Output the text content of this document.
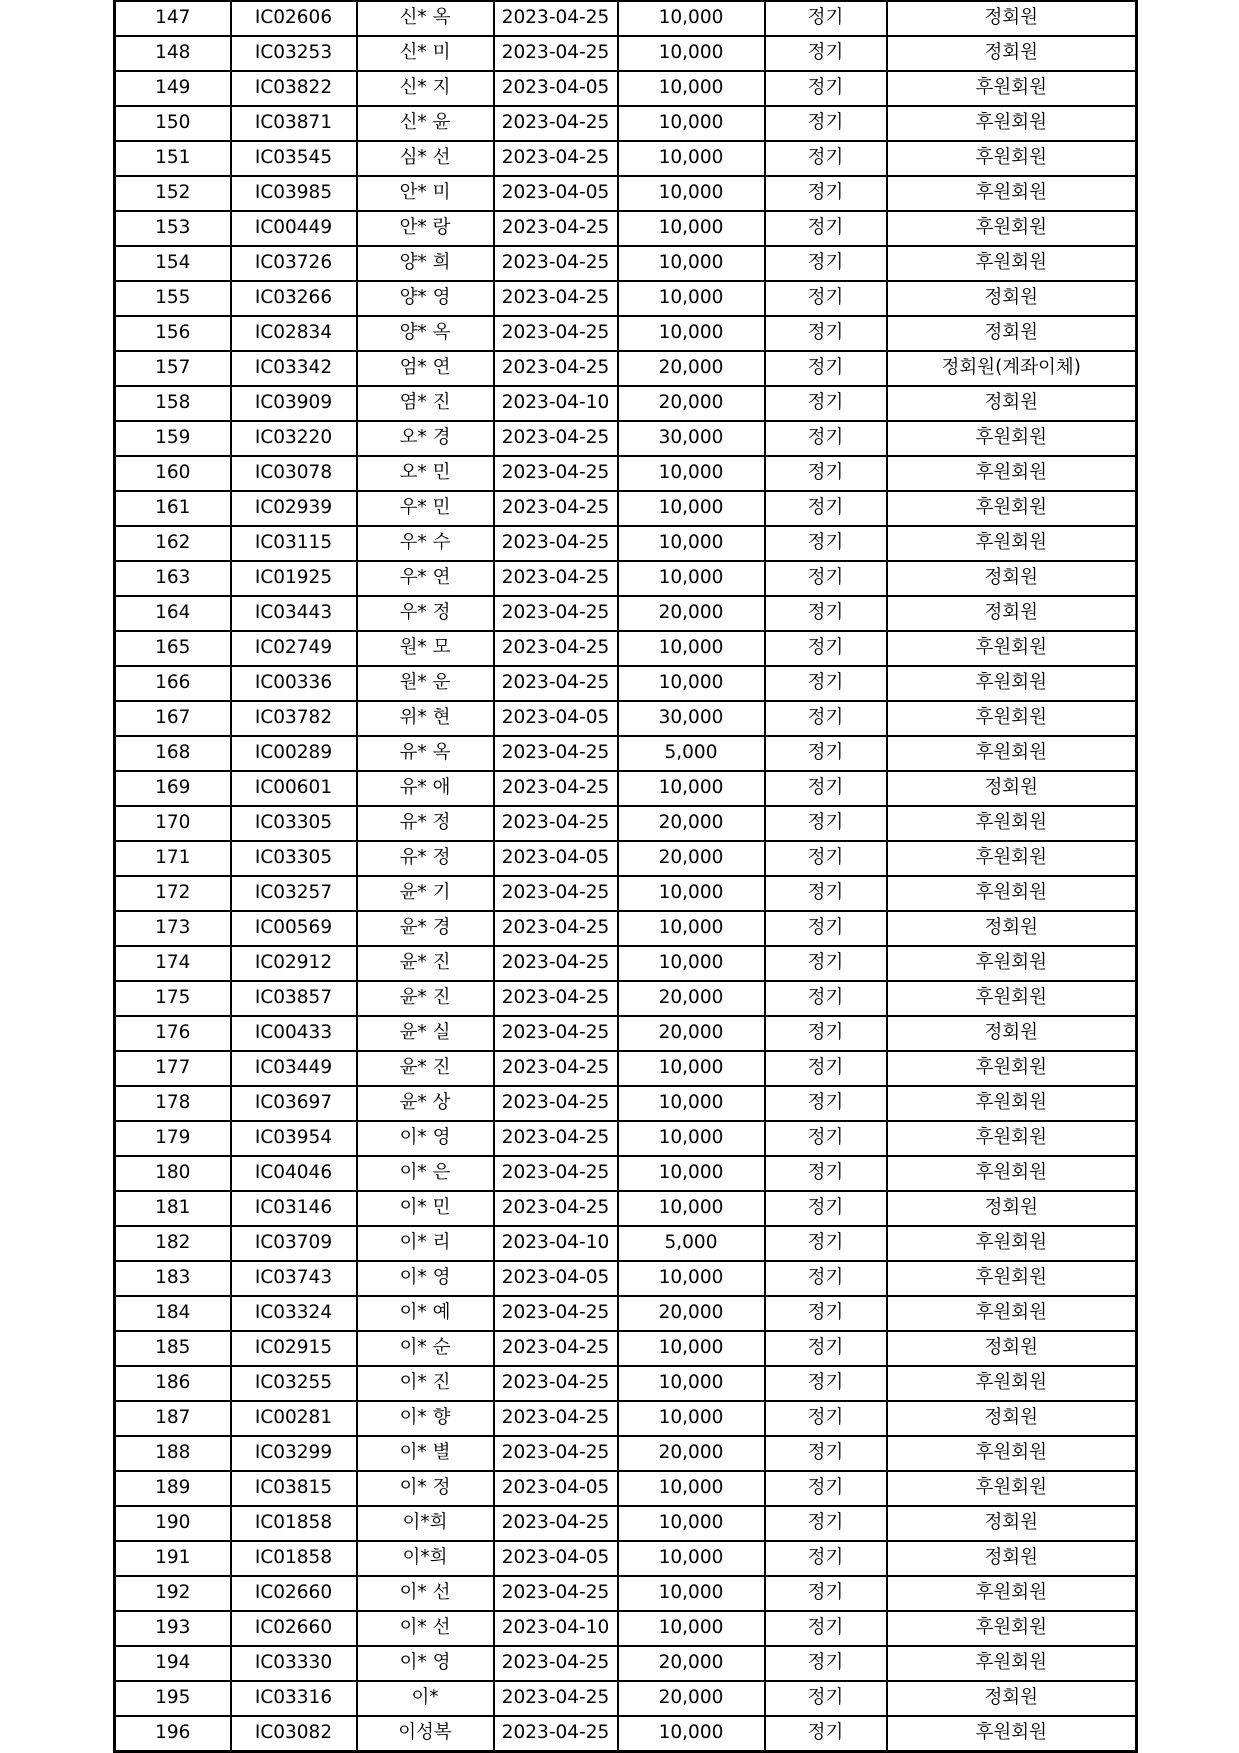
147	IC02606	신* 옥	2023-04-25	10,000	정기	정회원
148	IC03253	신* 미	2023-04-25	10,000	정기	정회원
149	IC03822	신* 지	2023-04-05	10,000	정기	후원회원
150	IC03871	신* 윤	2023-04-25	10,000	정기	후원회원
151	IC03545	심* 선	2023-04-25	10,000	정기	후원회원
152	IC03985	안* 미	2023-04-05	10,000	정기	후원회원
153	IC00449	안* 랑	2023-04-25	10,000	정기	후원회원
154	IC03726	양* 희	2023-04-25	10,000	정기	후원회원
155	IC03266	양* 영	2023-04-25	10,000	정기	정회원
156	IC02834	양* 옥	2023-04-25	10,000	정기	정회원
157	IC03342	엄* 연	2023-04-25	20,000	정기	정회원(계좌이체)
158	IC03909	염* 진	2023-04-10	20,000	정기	정회원
159	IC03220	오* 경	2023-04-25	30,000	정기	후원회원
160	IC03078	오* 민	2023-04-25	10,000	정기	후원회원
161	IC02939	우* 민	2023-04-25	10,000	정기	후원회원
162	IC03115	우* 수	2023-04-25	10,000	정기	후원회원
163	IC01925	우* 연	2023-04-25	10,000	정기	정회원
164	IC03443	우* 정	2023-04-25	20,000	정기	정회원
165	IC02749	원* 모	2023-04-25	10,000	정기	후원회원
166	IC00336	원* 운	2023-04-25	10,000	정기	후원회원
167	IC03782	위* 현	2023-04-05	30,000	정기	후원회원
168	IC00289	유* 옥	2023-04-25	5,000	정기	후원회원
169	IC00601	유* 애	2023-04-25	10,000	정기	정회원
170	IC03305	유* 정	2023-04-25	20,000	정기	후원회원
171	IC03305	유* 정	2023-04-05	20,000	정기	후원회원
172	IC03257	윤* 기	2023-04-25	10,000	정기	후원회원
173	IC00569	윤* 경	2023-04-25	10,000	정기	정회원
174	IC02912	윤* 진	2023-04-25	10,000	정기	후원회원
175	IC03857	윤* 진	2023-04-25	20,000	정기	후원회원
176	IC00433	윤* 실	2023-04-25	20,000	정기	정회원
177	IC03449	윤* 진	2023-04-25	10,000	정기	후원회원
178	IC03697	윤* 상	2023-04-25	10,000	정기	후원회원
179	IC03954	이* 영	2023-04-25	10,000	정기	후원회원
180	IC04046	이* 은	2023-04-25	10,000	정기	후원회원
181	IC03146	이* 민	2023-04-25	10,000	정기	정회원
182	IC03709	이* 리	2023-04-10	5,000	정기	후원회원
183	IC03743	이* 영	2023-04-05	10,000	정기	후원회원
184	IC03324	이* 예	2023-04-25	20,000	정기	후원회원
185	IC02915	이* 순	2023-04-25	10,000	정기	정회원
186	IC03255	이* 진	2023-04-25	10,000	정기	후원회원
187	IC00281	이* 향	2023-04-25	10,000	정기	정회원
188	IC03299	이* 별	2023-04-25	20,000	정기	후원회원
189	IC03815	이* 정	2023-04-05	10,000	정기	후원회원
190	IC01858	이*희	2023-04-25	10,000	정기	정회원
191	IC01858	이*희	2023-04-05	10,000	정기	정회원
192	IC02660	이* 선	2023-04-25	10,000	정기	후원회원
193	IC02660	이* 선	2023-04-10	10,000	정기	후원회원
194	IC03330	이* 영	2023-04-25	20,000	정기	후원회원
195	IC03316	이*	2023-04-25	20,000	정기	정회원
196	IC03082	이성복	2023-04-25	10,000	정기	후원회원
